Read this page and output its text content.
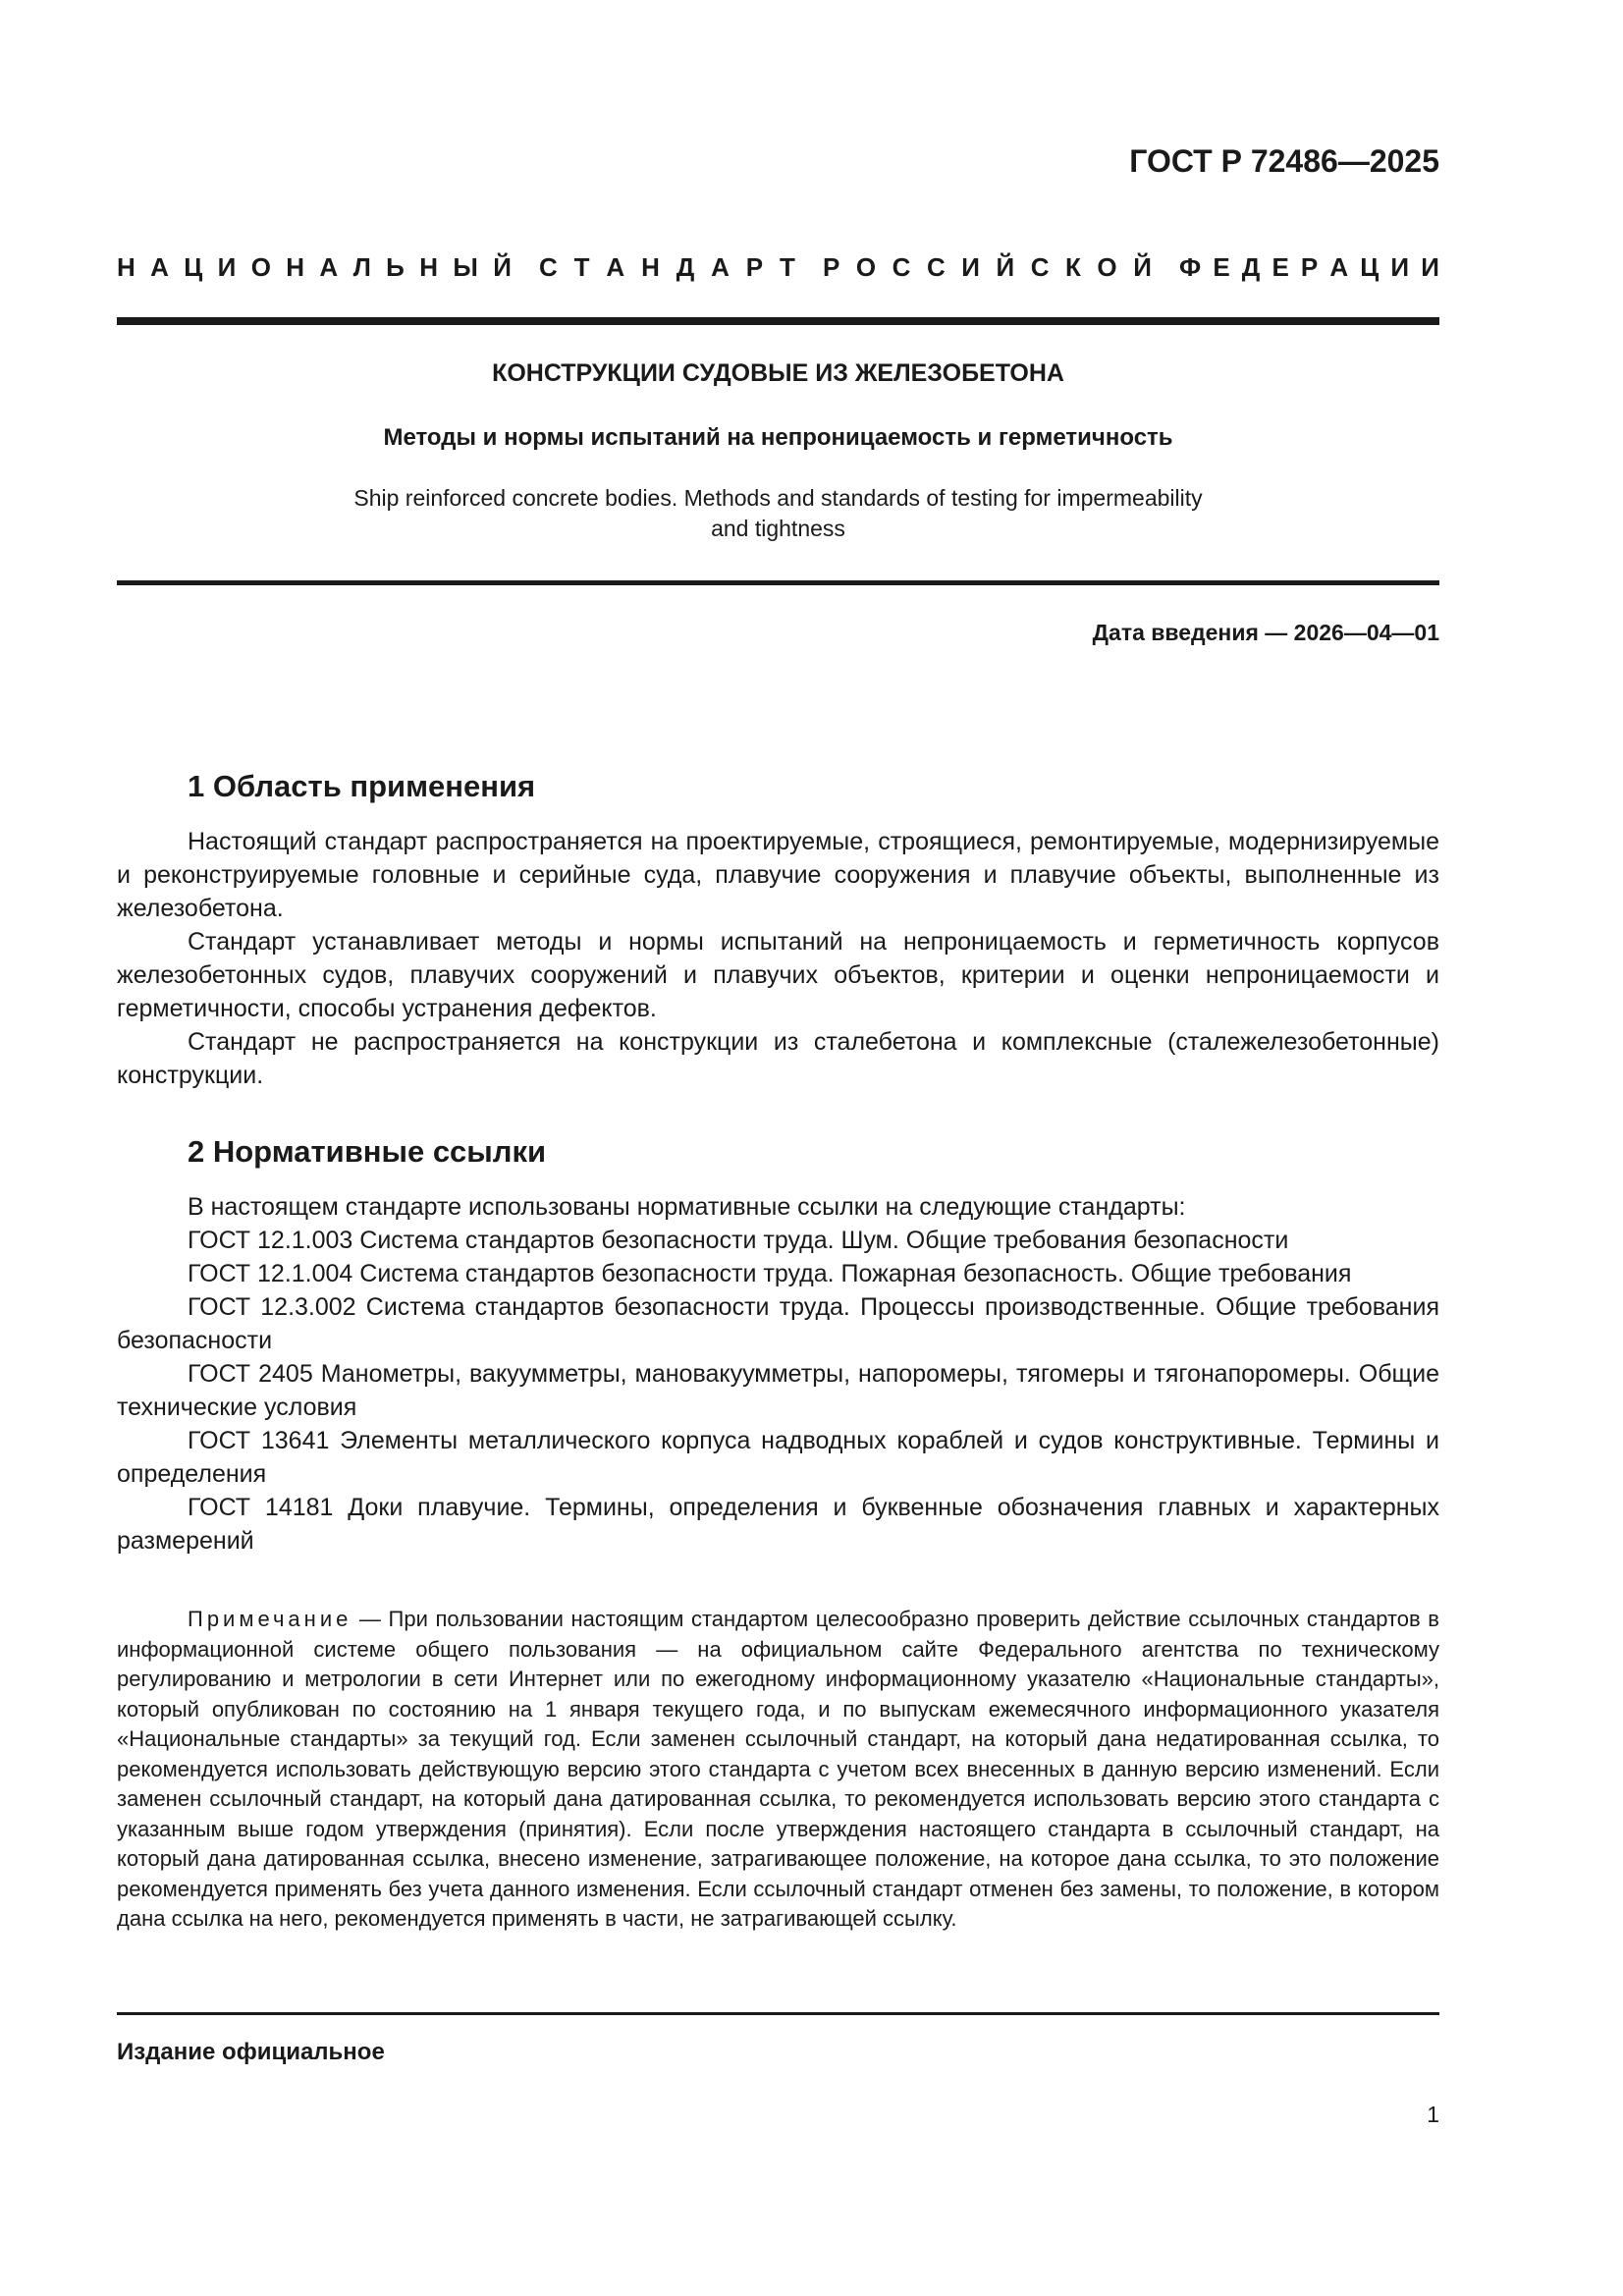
ГОСТ Р 72486—2025
Н А Ц И О Н А Л Ь Н Ы Й С Т А Н Д А Р Т Р О С С И Й С К О Й Ф Е Д Е Р А Ц И И
КОНСТРУКЦИИ СУДОВЫЕ ИЗ ЖЕЛЕЗОБЕТОНА
Методы и нормы испытаний на непроницаемость и герметичность
Ship reinforced concrete bodies. Methods and standards of testing for impermeability
and tightness
Дата введения — 2026—04—01
1 Область применения

Настоящий стандарт распространяется на проектируемые, строящиеся, ремонтируемые, модернизируемые и реконструируемые головные и серийные суда, плавучие сооружения и плавучие объекты, выполненные из железобетона.

Стандарт устанавливает методы и нормы испытаний на непроницаемость и герметичность корпусов железобетонных судов, плавучих сооружений и плавучих объектов, критерии и оценки непроницаемости и герметичности, способы устранения дефектов.

Стандарт не распространяется на конструкции из сталебетона и комплексные (сталежелезобетонные) конструкции.

2 Нормативные ссылки

В настоящем стандарте использованы нормативные ссылки на следующие стандарты:

ГОСТ 12.1.003 Система стандартов безопасности труда. Шум. Общие требования безопасности

ГОСТ 12.1.004 Система стандартов безопасности труда. Пожарная безопасность. Общие требования

ГОСТ 12.3.002 Система стандартов безопасности труда. Процессы производственные. Общие требования безопасности

ГОСТ 2405 Манометры, вакуумметры, мановакуумметры, напоромеры, тягомеры и тягонапоромеры. Общие технические условия

ГОСТ 13641 Элементы металлического корпуса надводных кораблей и судов конструктивные. Термины и определения

ГОСТ 14181 Доки плавучие. Термины, определения и буквенные обозначения главных и характерных размерений

Примечание — При пользовании настоящим стандартом целесообразно проверить действие ссылочных стандартов в информационной системе общего пользования — на официальном сайте Федерального агентства по техническому регулированию и метрологии в сети Интернет или по ежегодному информационному указателю «Национальные стандарты», который опубликован по состоянию на 1 января текущего года, и по выпускам ежемесячного информационного указателя «Национальные стандарты» за текущий год. Если заменен ссылочный стандарт, на который дана недатированная ссылка, то рекомендуется использовать действующую версию этого стандарта с учетом всех внесенных в данную версию изменений. Если заменен ссылочный стандарт, на который дана датированная ссылка, то рекомендуется использовать версию этого стандарта с указанным выше годом утверждения (принятия). Если после утверждения настоящего стандарта в ссылочный стандарт, на который дана датированная ссылка, внесено изменение, затрагивающее положение, на которое дана ссылка, то это положение рекомендуется применять без учета данного изменения. Если ссылочный стандарт отменен без замены, то положение, в котором дана ссылка на него, рекомендуется применять в части, не затрагивающей ссылку.

Издание официальное
1
